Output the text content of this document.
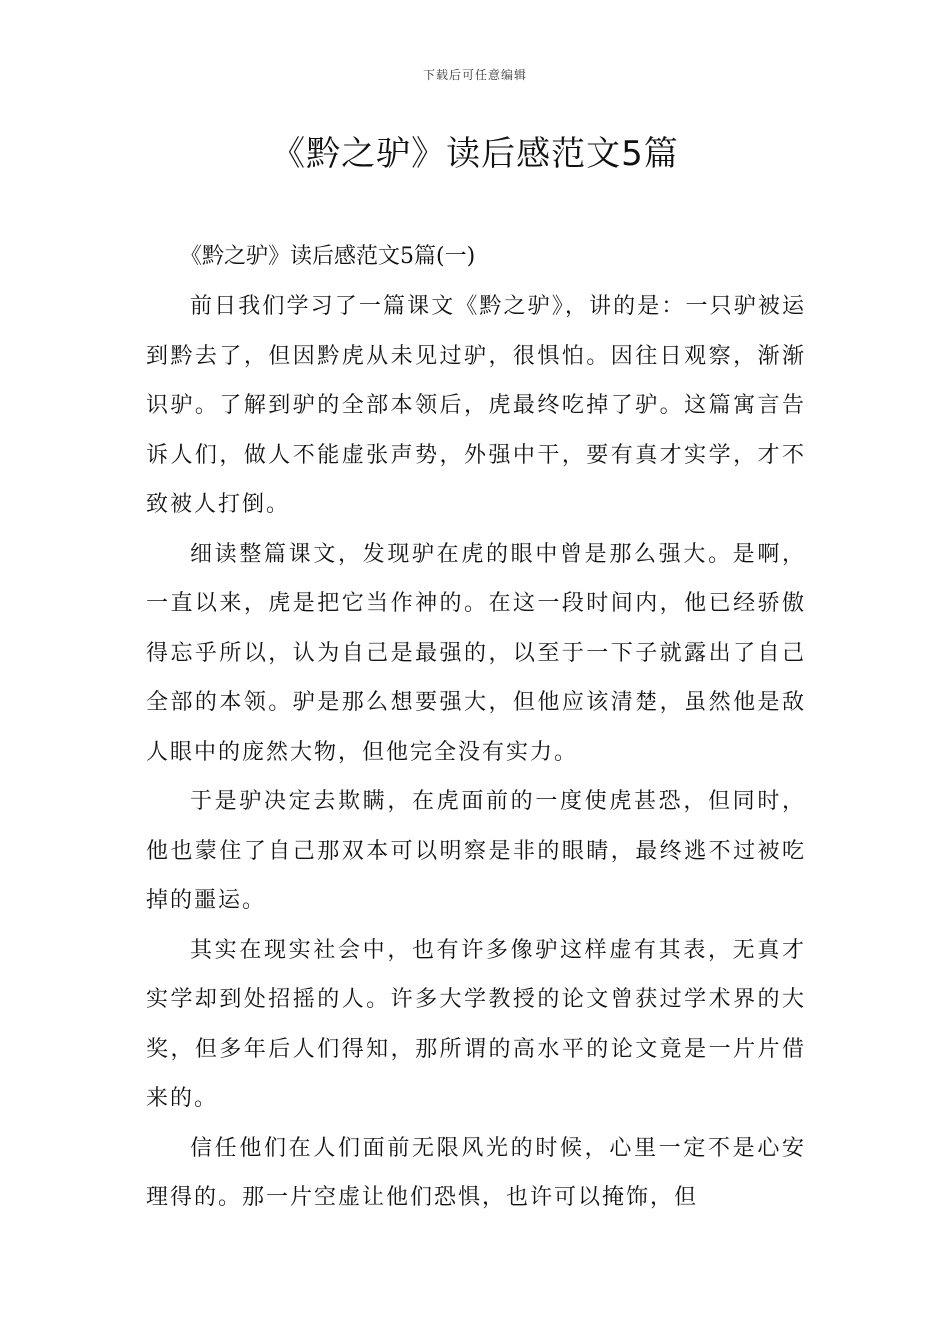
下载后可任意编辑
《黔之驴》读后感范文5篇
《黔之驴》读后感范文5篇(一)

前日我们学习了一篇课文《黔之驴》，讲的是：一只驴被运到黔去了，但因黔虎从未见过驴，很惧怕。因往日观察，渐渐识驴。了解到驴的全部本领后，虎最终吃掉了驴。这篇寓言告诉人们，做人不能虚张声势，外强中干，要有真才实学，才不致被人打倒。

细读整篇课文，发现驴在虎的眼中曾是那么强大。是啊，一直以来，虎是把它当作神的。在这一段时间内，他已经骄傲得忘乎所以，认为自己是最强的，以至于一下子就露出了自己全部的本领。驴是那么想要强大，但他应该清楚，虽然他是敌人眼中的庞然大物，但他完全没有实力。

于是驴决定去欺瞒，在虎面前的一度使虎甚恐，但同时，他也蒙住了自己那双本可以明察是非的眼睛，最终逃不过被吃掉的噩运。

其实在现实社会中，也有许多像驴这样虚有其表，无真才实学却到处招摇的人。许多大学教授的论文曾获过学术界的大奖，但多年后人们得知，那所谓的高水平的论文竟是一片片借来的。

信任他们在人们面前无限风光的时候，心里一定不是心安理得的。那一片空虚让他们恐惧，也许可以掩饰，但
